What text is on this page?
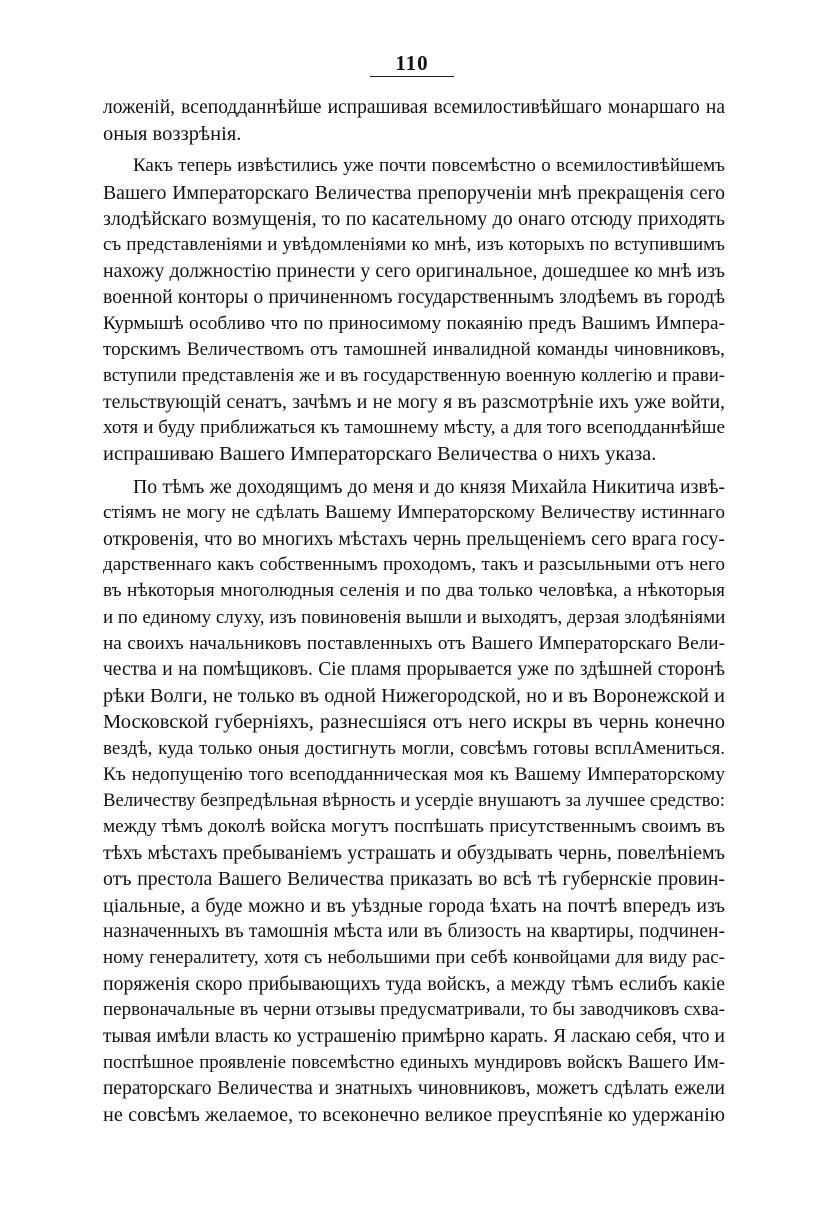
110
ложеній, всеподданнѣйше испрашивая всемилостивѣйшаго монаршаго на
оныя воззрѣнія.
Какъ теперь извѣстились уже почти повсемѣстно о всемилостивѣйшемъ
Вашего Императорскаго Величества препорученіи мнѣ прекращенія сего
злодѣйскаго возмущенія, то по касательному до онаго отсюду приходять
съ представленіями и увѣдомленіями ко мнѣ, изъ которыхъ по вступившимъ
нахожу должностію принести у сего оригинальное, дошедшее ко мнѣ изъ
военной конторы о причиненномъ государственнымъ злодѣемъ въ городѣ
Курмышѣ особливо что по приносимому покаянію предъ Вашимъ Импера-
торскимъ Величествомъ отъ тамошней инвалидной команды чиновниковъ,
вступили представленія же и въ государственную военную коллегію и прави-
тельствующій сенатъ, зачѣмъ и не могу я въ разсмотрѣніе ихъ уже войти,
хотя и буду приближаться къ тамошнему мѣсту, а для того всеподданнѣйше
испрашиваю Вашего Императорскаго Величества о нихъ указа.
По тѣмъ же доходящимъ до меня и до князя Михайла Никитича извѣ-
стіямъ не могу не сдѣлать Вашему Императорскому Величеству истиннаго
откровенія, что во многихъ мѣстахъ чернь прельщеніемъ сего врага госу-
дарственнаго какъ собственнымъ проходомъ, такъ и разсыльными отъ него
въ нѣкоторыя многолюдныя селенія и по два только человѣка, а нѣкоторыя
и по единому слуху, изъ повиновенія вышли и выходятъ, дерзая злодѣяніями
на своихъ начальниковъ поставленныхъ отъ Вашего Императорскаго Вели-
чества и на помѣщиковъ. Сіе пламя прорывается уже по здѣшней сторонѣ
рѣки Волги, не только въ одной Нижегородской, но и въ Воронежской и
Московской губерніяхъ, разнесшіяся отъ него искры въ чернь конечно
вездѣ, куда только оныя достигнуть могли, совсѣмъ готовы всплАмениться.
Къ недопущенію того всеподданническая моя къ Вашему Императорскому
Величеству безпредѣльная вѣрность и усердіе внушаютъ за лучшее средство:
между тѣмъ доколѣ войска могутъ поспѣшать присутственнымъ своимъ въ
тѣхъ мѣстахъ пребываніемъ устрашать и обуздывать чернь, повелѣніемъ
отъ престола Вашего Величества приказать во всѣ тѣ губернскіе провин-
ціальные, а буде можно и въ уѣздные города ѣхать на почтѣ впередъ изъ
назначенныхъ въ тамошнія мѣста или въ близость на квартиры, подчинен-
ному генералитету, хотя съ небольшими при себѣ конвойцами для виду рас-
поряженія скоро прибывающихъ туда войскъ, а между тѣмъ еслибъ какіе
первоначальные въ черни отзывы предусматривали, то бы заводчиковъ схва-
тывая имѣли власть ко устрашенію примѣрно карать. Я ласкаю себя, что и
поспѣшное проявленіе повсемѣстно единыхъ мундировъ войскъ Вашего Им-
ператорскаго Величества и знатныхъ чиновниковъ, можетъ сдѣлать ежели
не совсѣмъ желаемое, то всеконечно великое преуспѣяніе ко удержанію
